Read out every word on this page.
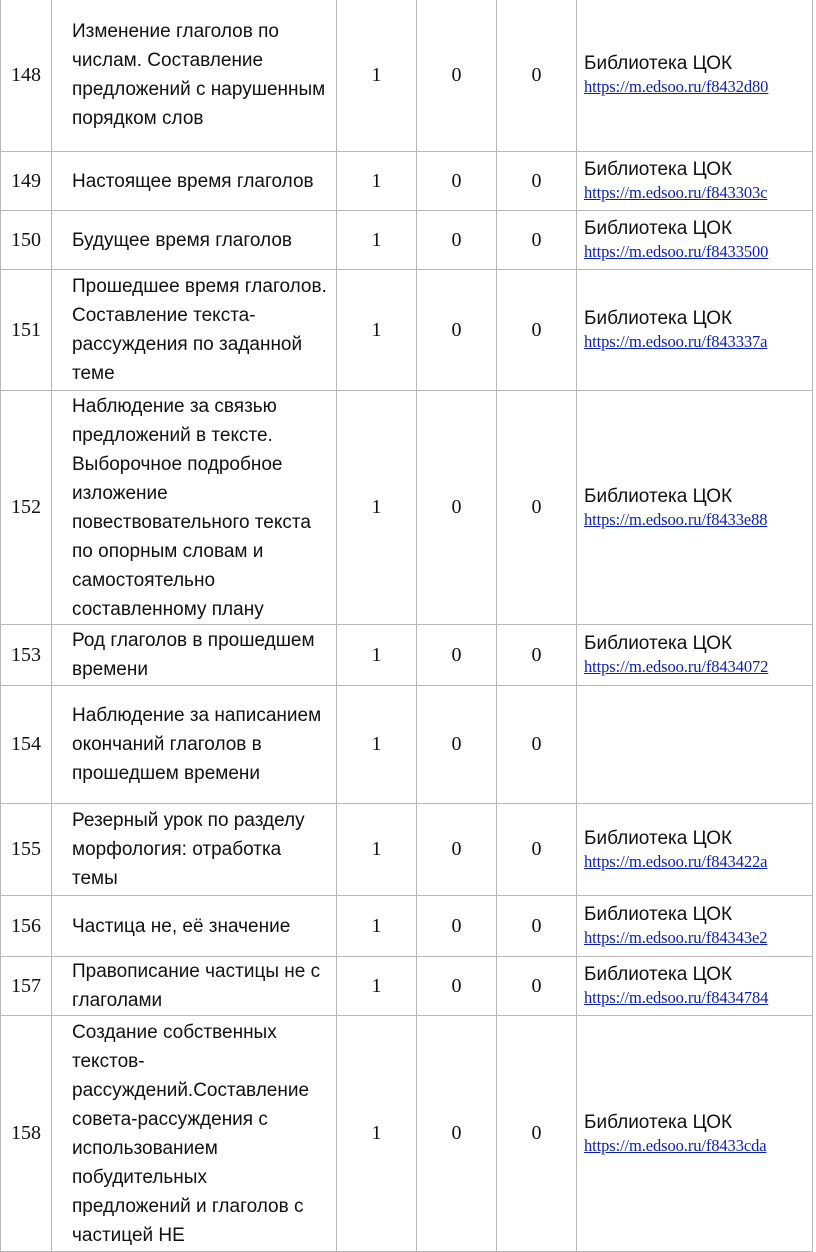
148	Изменение глаголов по числам. Составление предложений с нарушенным порядком слов	1	0	0	Библиотека ЦОК
https://m.edsoo.ru/f8432d80

149	Настоящее время глаголов	1	0	0	Библиотека ЦОК
https://m.edsoo.ru/f843303c

150	Будущее время глаголов	1	0	0	Библиотека ЦОК
https://m.edsoo.ru/f8433500

151	Прошедшее время глаголов. Составление текста-рассуждения по заданной теме	1	0	0	Библиотека ЦОК
https://m.edsoo.ru/f843337a

152	Наблюдение за связью предложений в тексте. Выборочное подробное изложение повествовательного текста по опорным словам и самостоятельно составленному плану	1	0	0	Библиотека ЦОК
https://m.edsoo.ru/f8433e88

153	Род глаголов в прошедшем времени	1	0	0	Библиотека ЦОК
https://m.edsoo.ru/f8434072

154	Наблюдение за написанием окончаний глаголов в прошедшем времени	1	0	0	

155	Резерный урок по разделу морфология: отработка темы	1	0	0	Библиотека ЦОК
https://m.edsoo.ru/f843422a

156	Частица не, её значение	1	0	0	Библиотека ЦОК
https://m.edsoo.ru/f84343e2

157	Правописание частицы не с глаголами	1	0	0	Библиотека ЦОК
https://m.edsoo.ru/f8434784

158	Создание собственных текстов-рассуждений.Составление совета-рассуждения с использованием побудительных предложений и глаголов с частицей НЕ	1	0	0	Библиотека ЦОК
https://m.edsoo.ru/f8433cda
